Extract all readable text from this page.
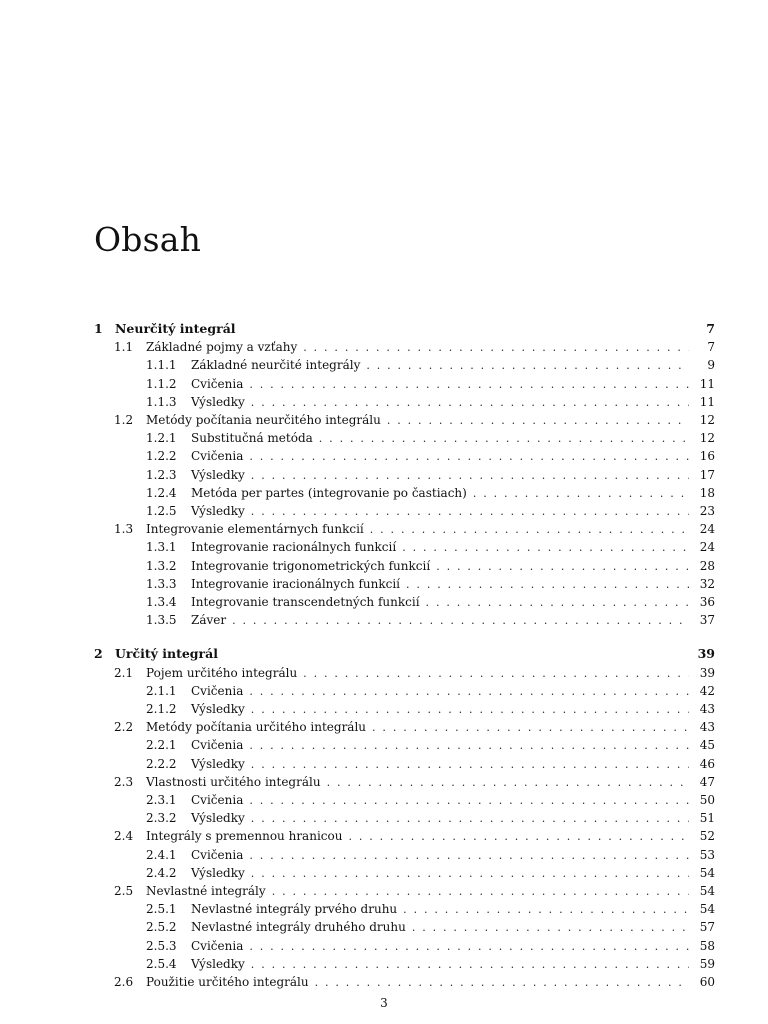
Obsah
1 Neurčitý integrál	7
1.1	Základné pojmy a vzťahy . . .	7
1.1.1	Základné neurčité integrály . . .	9
1.1.2	Cvičenia . . .	11
1.1.3	Výsledky . . .	11
1.2	Metódy počítania neurčitého integrálu . . .	12
1.2.1	Substitučná metóda . . .	12
1.2.2	Cvičenia . . .	16
1.2.3	Výsledky . . .	17
1.2.4	Metóda per partes (integrovanie po častiach) . . .	18
1.2.5	Výsledky . . .	23
1.3	Integrovanie elementárnych funkcií . . .	24
1.3.1	Integrovanie racionálnych funkcií . . .	24
1.3.2	Integrovanie trigonometrických funkcií . . .	28
1.3.3	Integrovanie iracionálnych funkcií . . .	32
1.3.4	Integrovanie transcendetných funkcií . . .	36
1.3.5	Záver . . .	37
2 Určitý integrál	39
2.1	Pojem určitého integrálu . . .	39
2.1.1	Cvičenia . . .	42
2.1.2	Výsledky . . .	43
2.2	Metódy počítania určitého integrálu . . .	43
2.2.1	Cvičenia . . .	45
2.2.2	Výsledky . . .	46
2.3	Vlastnosti určitého integrálu . . .	47
2.3.1	Cvičenia . . .	50
2.3.2	Výsledky . . .	51
2.4	Integrály s premennou hranicou . . .	52
2.4.1	Cvičenia . . .	53
2.4.2	Výsledky . . .	54
2.5	Nevlastné integrály . . .	54
2.5.1	Nevlastné integrály prvého druhu . . .	54
2.5.2	Nevlastné integrály druhého druhu . . .	57
2.5.3	Cvičenia . . .	58
2.5.4	Výsledky . . .	59
2.6	Použitie určitého integrálu . . .	60
3
